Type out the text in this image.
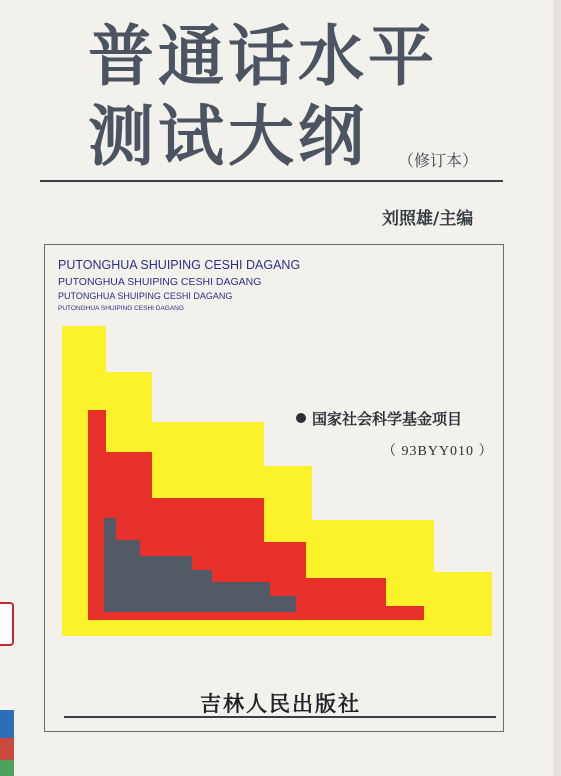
普通话水平
测试大纲 （修订本）
刘照雄/主编
PUTONGHUA SHUIPING CESHI DAGANG
PUTONGHUA SHUIPING CESHI DAGANG
PUTONGHUA SHUIPING CESHI DAGANG
PUTONGHUA SHUIPING CESHI DAGANG
国家社会科学基金项目
（ 93BYY010 ）
吉林人民出版社
